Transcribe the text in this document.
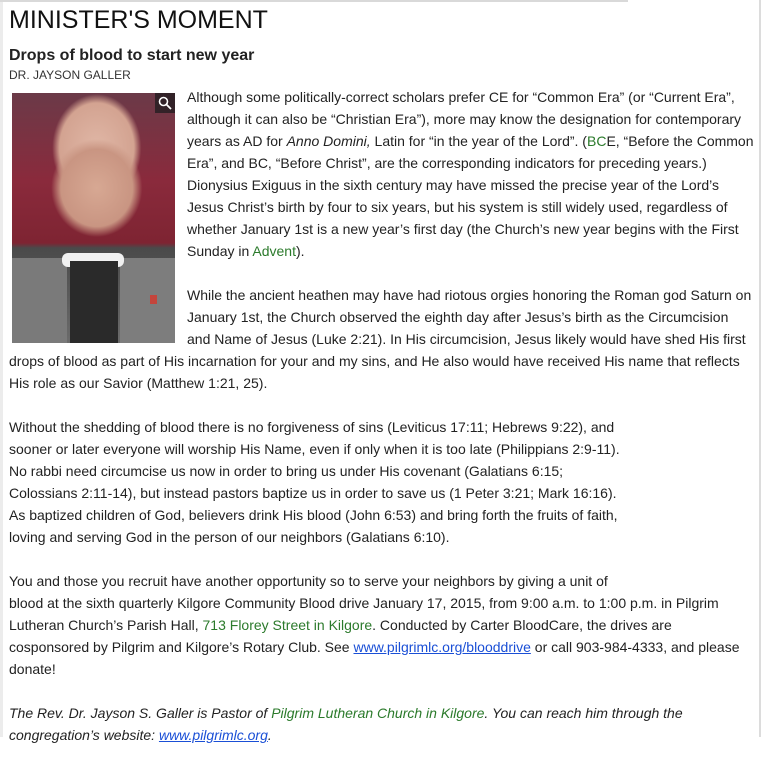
MINISTER'S MOMENT
Drops of blood to start new year
DR. JAYSON GALLER

Although some politically-correct scholars prefer CE for “Common Era” (or “Current Era”, although it can also be “Christian Era”), more may know the designation for contemporary years as AD for Anno Domini, Latin for “in the year of the Lord”. (BCE, “Before the Common Era”, and BC, “Before Christ”, are the corresponding indicators for preceding years.) Dionysius Exiguus in the sixth century may have missed the precise year of the Lord’s Jesus Christ’s birth by four to six years, but his system is still widely used, regardless of whether January 1st is a new year’s first day (the Church’s new year begins with the First Sunday in Advent).

While the ancient heathen may have had riotous orgies honoring the Roman god Saturn on January 1st, the Church observed the eighth day after Jesus’s birth as the Circumcision and Name of Jesus (Luke 2:21). In His circumcision, Jesus likely would have shed His first drops of blood as part of His incarnation for your and my sins, and He also would have received His name that reflects His role as our Savior (Matthew 1:21, 25).

Without the shedding of blood there is no forgiveness of sins (Leviticus 17:11; Hebrews 9:22), and
sooner or later everyone will worship His Name, even if only when it is too late (Philippians 2:9-11).
No rabbi need circumcise us now in order to bring us under His covenant (Galatians 6:15;
Colossians 2:11-14), but instead pastors baptize us in order to save us (1 Peter 3:21; Mark 16:16).
As baptized children of God, believers drink His blood (John 6:53) and bring forth the fruits of faith,
loving and serving God in the person of our neighbors (Galatians 6:10).

You and those you recruit have another opportunity so to serve your neighbors by giving a unit of
blood at the sixth quarterly Kilgore Community Blood drive January 17, 2015, from 9:00 a.m. to 1:00 p.m. in Pilgrim Lutheran Church’s Parish Hall, 713 Florey Street in Kilgore. Conducted by Carter BloodCare, the drives are cosponsored by Pilgrim and Kilgore’s Rotary Club. See www.pilgrimlc.org/blooddrive or call 903-984-4333, and please donate!

The Rev. Dr. Jayson S. Galler is Pastor of Pilgrim Lutheran Church in Kilgore. You can reach him through the congregation’s website: www.pilgrimlc.org.
